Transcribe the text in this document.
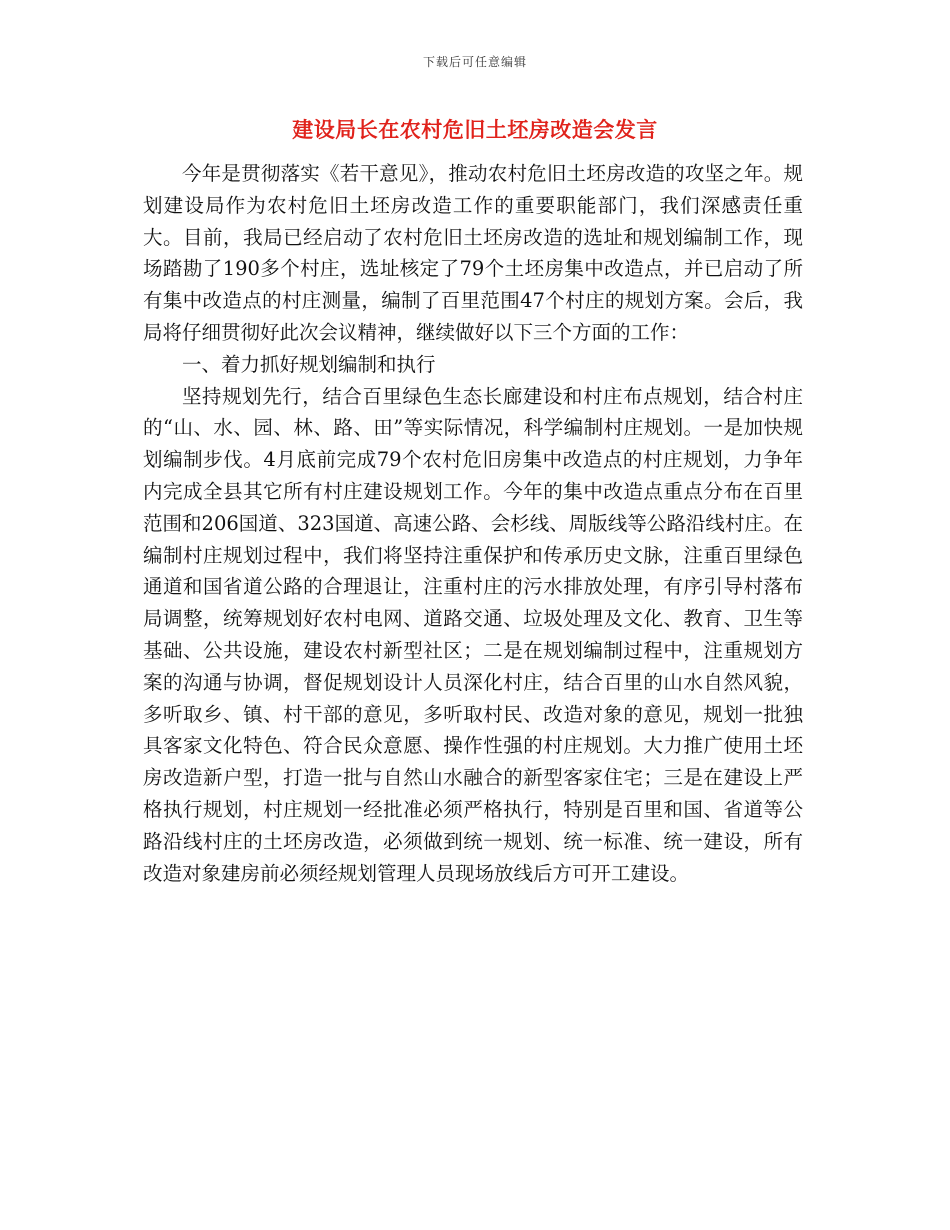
下载后可任意编辑
建设局长在农村危旧土坯房改造会发言

今年是贯彻落实《若干意见》，推动农村危旧土坯房改造的攻坚之年。规划建设局作为农村危旧土坯房改造工作的重要职能部门，我们深感责任重大。目前，我局已经启动了农村危旧土坯房改造的选址和规划编制工作，现场踏勘了190多个村庄，选址核定了79个土坯房集中改造点，并已启动了所有集中改造点的村庄测量，编制了百里范围47个村庄的规划方案。会后，我局将仔细贯彻好此次会议精神，继续做好以下三个方面的工作：

一、着力抓好规划编制和执行

坚持规划先行，结合百里绿色生态长廊建设和村庄布点规划，结合村庄的“山、水、园、林、路、田”等实际情况，科学编制村庄规划。一是加快规划编制步伐。4月底前完成79个农村危旧房集中改造点的村庄规划，力争年内完成全县其它所有村庄建设规划工作。今年的集中改造点重点分布在百里范围和206国道、323国道、高速公路、会杉线、周版线等公路沿线村庄。在编制村庄规划过程中，我们将坚持注重保护和传承历史文脉，注重百里绿色通道和国省道公路的合理退让，注重村庄的污水排放处理，有序引导村落布局调整，统筹规划好农村电网、道路交通、垃圾处理及文化、教育、卫生等基础、公共设施，建设农村新型社区；二是在规划编制过程中，注重规划方案的沟通与协调，督促规划设计人员深化村庄，结合百里的山水自然风貌，多听取乡、镇、村干部的意见，多听取村民、改造对象的意见，规划一批独具客家文化特色、符合民众意愿、操作性强的村庄规划。大力推广使用土坯房改造新户型，打造一批与自然山水融合的新型客家住宅；三是在建设上严格执行规划，村庄规划一经批准必须严格执行，特别是百里和国、省道等公路沿线村庄的土坯房改造，必须做到统一规划、统一标准、统一建设，所有改造对象建房前必须经规划管理人员现场放线后方可开工建设。
